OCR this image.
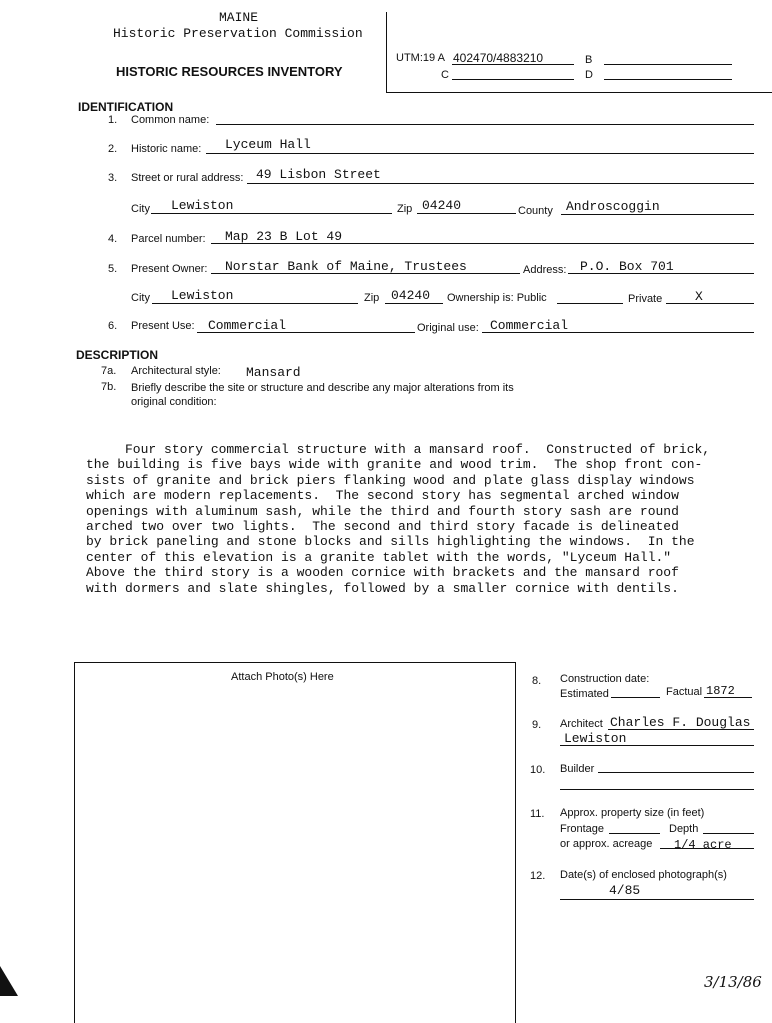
MAINE
Historic Preservation Commission
HISTORIC RESOURCES INVENTORY
UTM:19 A 402470/4883210	B
C	D
IDENTIFICATION
1. Common name:
2. Historic name: Lyceum Hall
3. Street or rural address: 49 Lisbon Street
City Lewiston	Zip 04240	County Androscoggin
4. Parcel number: Map 23 B Lot 49
5. Present Owner: Norstar Bank of Maine, Trustees	Address: P.O. Box 701
City Lewiston	Zip 04240 Ownership is: Public	Private	X
6. Present Use: Commercial	Original use: Commercial
DESCRIPTION
7a. Architectural style: Mansard
7b. Briefly describe the site or structure and describe any major alterations from its
original condition:
Four story commercial structure with a mansard roof.  Constructed of brick,
the building is five bays wide with granite and wood trim.  The shop front con-
sists of granite and brick piers flanking wood and plate glass display windows
which are modern replacements.  The second story has segmental arched window
openings with aluminum sash, while the third and fourth story sash are round
arched two over two lights.  The second and third story facade is delineated
by brick paneling and stone blocks and sills highlighting the windows.  In the
center of this elevation is a granite tablet with the words, "Lyceum Hall."
Above the third story is a wooden cornice with brackets and the mansard roof
with dormers and slate shingles, followed by a smaller cornice with dentils.
Attach Photo(s) Here	8. Construction date:
Estimated	Factual 1872
9. Architect Charles F. Douglas
Lewiston
10. Builder
11. Approx. property size (in feet)
Frontage	Depth
or approx. acreage 1/4 acre
12. Date(s) of enclosed photograph(s)
4/85
3/13/86
